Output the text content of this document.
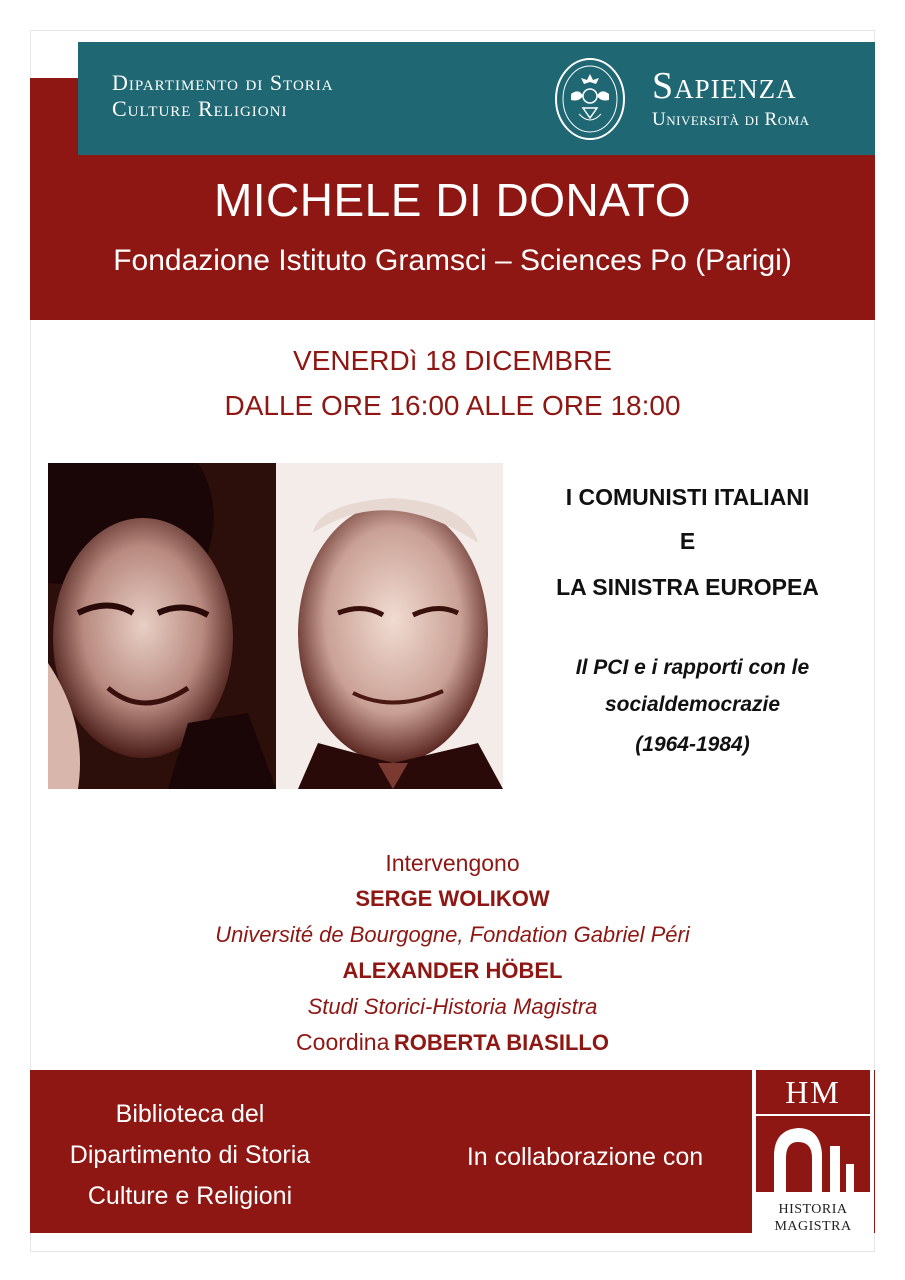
Dipartimento di Storia
Culture Religioni
Sapienza
Università di Roma
MICHELE DI DONATO
Fondazione Istituto Gramsci – Sciences Po (Parigi)
VENERDì 18 DICEMBRE
DALLE ORE 16:00 ALLE ORE 18:00
I COMUNISTI ITALIANI
E
LA SINISTRA EUROPEA
Il PCI e i rapporti con le
socialdemocrazie
(1964-1984)
Intervengono
SERGE WOLIKOW
Université de Bourgogne, Fondation Gabriel Péri
ALEXANDER HÖBEL
Studi Storici-Historia Magistra
Coordina ROBERTA BIASILLO
Biblioteca del
Dipartimento di Storia
Culture e Religioni
In collaborazione con
HM
HISTORIA
MAGISTRA
